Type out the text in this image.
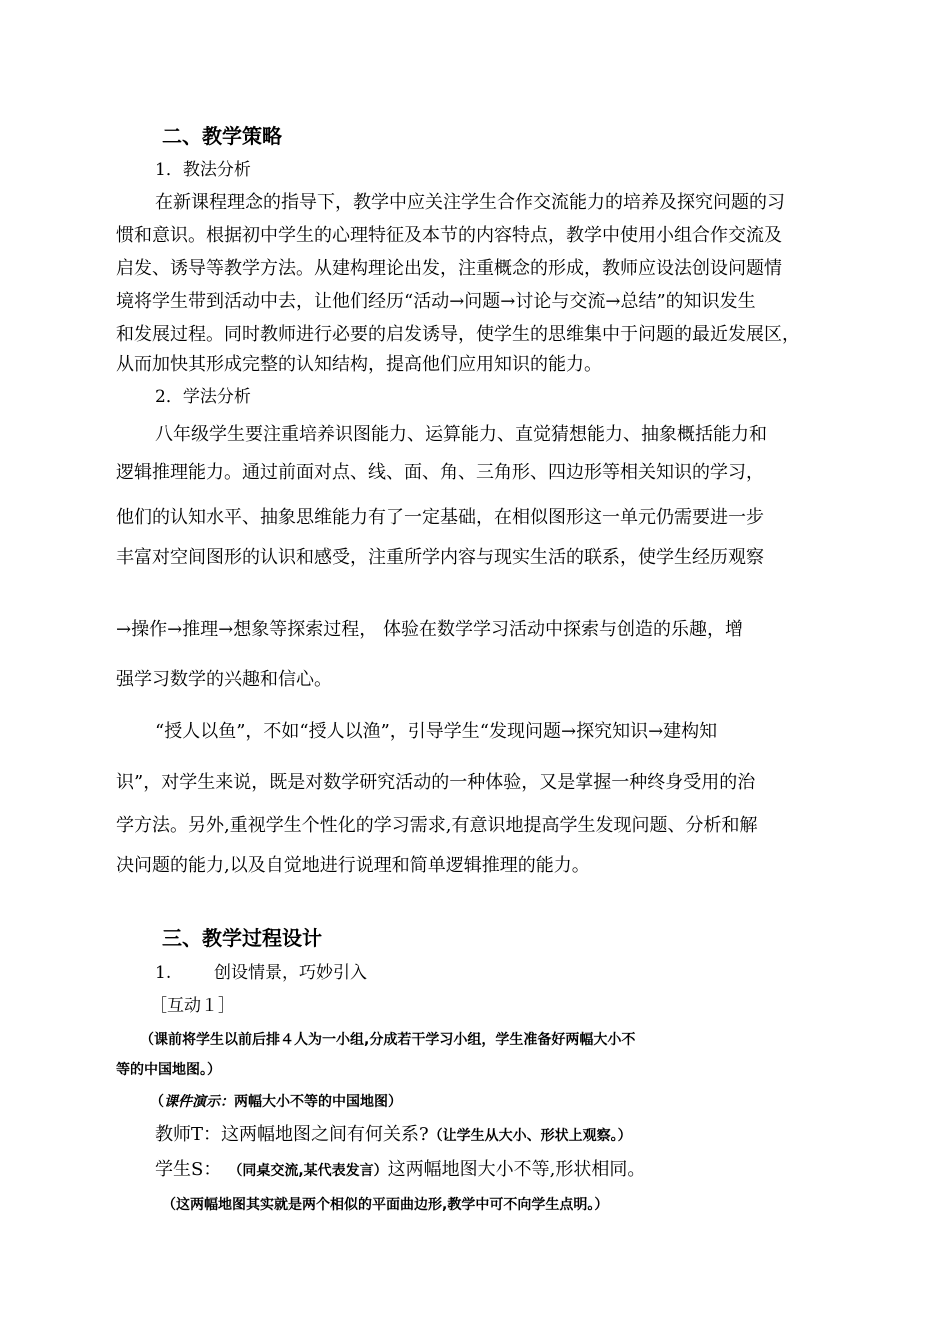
二、教学策略
1．教法分析
在新课程理念的指导下，教学中应关注学生合作交流能力的培养及探究问题的习
惯和意识。根据初中学生的心理特征及本节的内容特点，教学中使用小组合作交流及
启发、诱导等教学方法。从建构理论出发，注重概念的形成，教师应设法创设问题情
境将学生带到活动中去，让他们经历“活动→问题→讨论与交流→总结”的知识发生
和发展过程。同时教师进行必要的启发诱导，使学生的思维集中于问题的最近发展区，
从而加快其形成完整的认知结构，提高他们应用知识的能力。
2．学法分析
八年级学生要注重培养识图能力、运算能力、直觉猜想能力、抽象概括能力和
逻辑推理能力。通过前面对点、线、面、角、三角形、四边形等相关知识的学习，
他们的认知水平、抽象思维能力有了一定基础，在相似图形这一单元仍需要进一步
丰富对空间图形的认识和感受，注重所学内容与现实生活的联系，使学生经历观察
→操作→推理→想象等探索过程， 体验在数学学习活动中探索与创造的乐趣，增
强学习数学的兴趣和信心。
“授人以鱼”，不如“授人以渔”，引导学生“发现问题→探究知识→建构知
识”，对学生来说，既是对数学研究活动的一种体验，又是掌握一种终身受用的治
学方法。另外,重视学生个性化的学习需求,有意识地提高学生发现问题、分析和解
决问题的能力,以及自觉地进行说理和简单逻辑推理的能力。
三、教学过程设计
1.	创设情景，巧妙引入
［互动１］
（课前将学生以前后排４人为一小组,分成若干学习小组，学生准备好两幅大小不
等的中国地图。）
（课件演示：两幅大小不等的中国地图）
教师T：这两幅地图之间有何关系?（让学生从大小、形状上观察。）
学生S： （同桌交流,某代表发言）这两幅地图大小不等,形状相同。
（这两幅地图其实就是两个相似的平面曲边形,教学中可不向学生点明。）
